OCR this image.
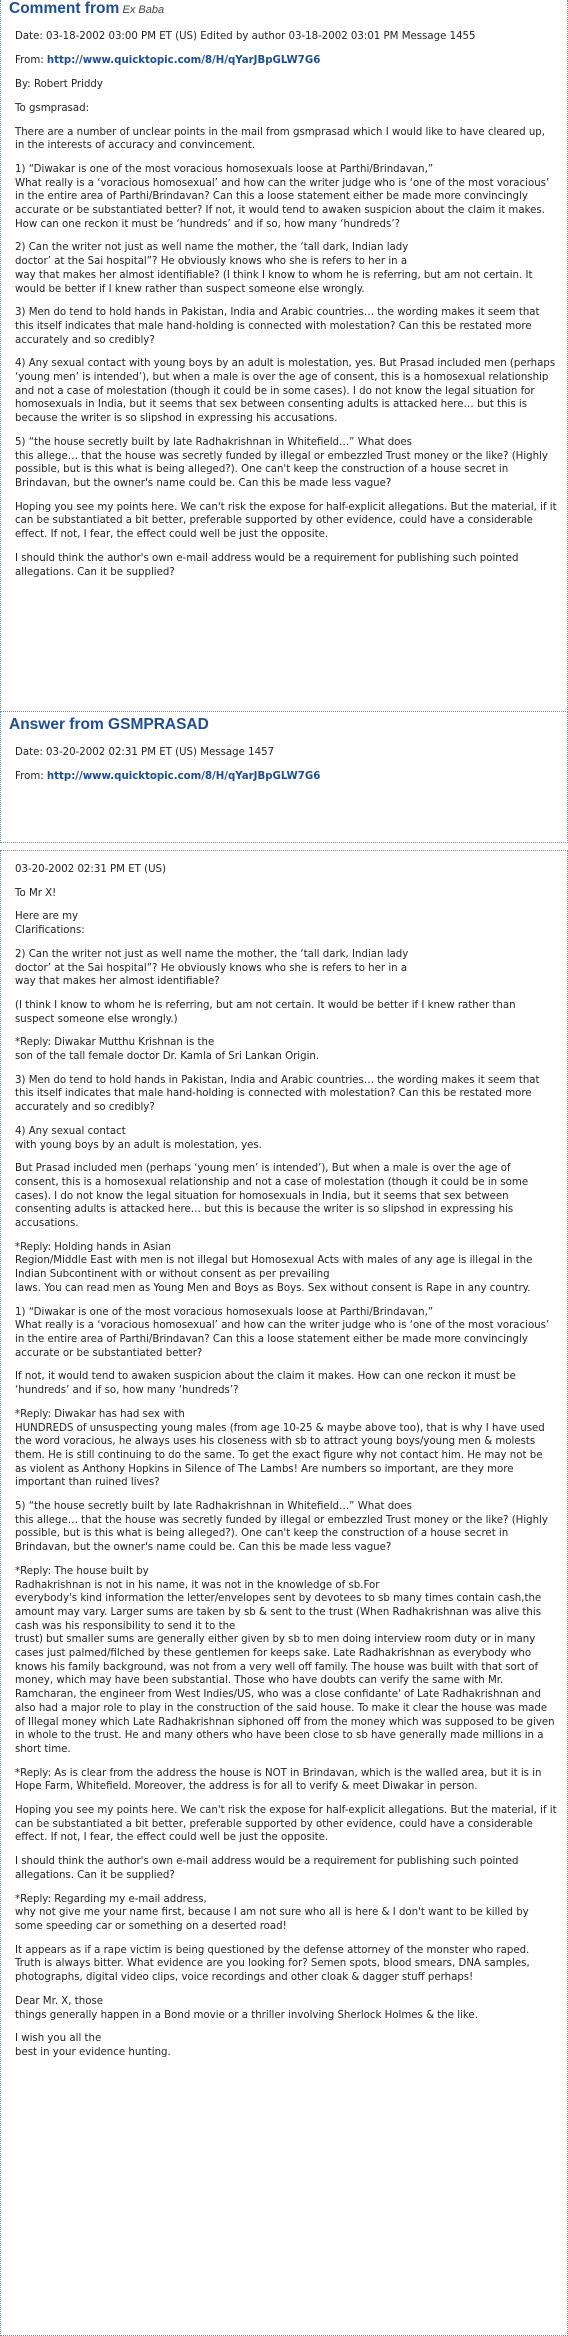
Comment from Ex Baba
Date: 03-18-2002 03:00 PM ET (US) Edited by author 03-18-2002 03:01 PM Message 1455
From: http://www.quicktopic.com/8/H/qYarJBpGLW7G6

By: Robert Priddy

To gsmprasad:

There are a number of unclear points in the mail from gsmprasad which I would like to have cleared up, in the interests of accuracy and convincement.

1) “Diwakar is one of the most voracious homosexuals loose at Parthi/Brindavan,”
What really is a ‘voracious homosexual’ and how can the writer judge who is ‘one of the most voracious’ in the entire area of Parthi/Brindavan? Can this a loose statement either be made more convincingly accurate or be substantiated better? If not, it would tend to awaken suspicion about the claim it makes. How can one reckon it must be ‘hundreds’ and if so, how many ‘hundreds’?

2) Can the writer not just as well name the mother, the ‘tall dark, Indian lady
doctor’ at the Sai hospital”? He obviously knows who she is refers to her in a
way that makes her almost identifiable? (I think I know to whom he is referring, but am not certain. It would be better if I knew rather than suspect someone else wrongly.

3) Men do tend to hold hands in Pakistan, India and Arabic countries… the wording makes it seem that this itself indicates that male hand-holding is connected with molestation? Can this be restated more accurately and so credibly?

4) Any sexual contact with young boys by an adult is molestation, yes. But Prasad included men (perhaps ‘young men’ is intended’), but when a male is over the age of consent, this is a homosexual relationship and not a case of molestation (though it could be in some cases). I do not know the legal situation for homosexuals in India, but it seems that sex between consenting adults is attacked here… but this is because the writer is so slipshod in expressing his accusations.

5) “the house secretly built by late Radhakrishnan in Whitefield…” What does
this allege… that the house was secretly funded by illegal or embezzled Trust money or the like? (Highly possible, but is this what is being alleged?). One can't keep the construction of a house secret in Brindavan, but the owner's name could be. Can this be made less vague?

Hoping you see my points here. We can't risk the expose for half-explicit allegations. But the material, if it can be substantiated a bit better, preferable supported by other evidence, could have a considerable effect. If not, I fear, the effect could well be just the opposite.

I should think the author's own e-mail address would be a requirement for publishing such pointed allegations. Can it be supplied?

Answer from GSMPRASAD
Date: 03-20-2002 02:31 PM ET (US) Message 1457
From: http://www.quicktopic.com/8/H/qYarJBpGLW7G6

03-20-2002 02:31 PM ET (US)

To Mr X!

Here are my
Clarifications:

2) Can the writer not just as well name the mother, the ‘tall dark, Indian lady
doctor’ at the Sai hospital”? He obviously knows who she is refers to her in a
way that makes her almost identifiable?

(I think I know to whom he is referring, but am not certain. It would be better if I knew rather than suspect someone else wrongly.)

*Reply: Diwakar Mutthu Krishnan is the
son of the tall female doctor Dr. Kamla of Sri Lankan Origin.

3) Men do tend to hold hands in Pakistan, India and Arabic countries… the wording makes it seem that this itself indicates that male hand-holding is connected with molestation? Can this be restated more accurately and so credibly?

4) Any sexual contact
with young boys by an adult is molestation, yes.

But Prasad included men (perhaps ‘young men’ is intended’), But when a male is over the age of consent, this is a homosexual relationship and not a case of molestation (though it could be in some cases). I do not know the legal situation for homosexuals in India, but it seems that sex between consenting adults is attacked here… but this is because the writer is so slipshod in expressing his accusations.

*Reply: Holding hands in Asian
Region/Middle East with men is not illegal but Homosexual Acts with males of any age is illegal in the Indian Subcontinent with or without consent as per prevailing
laws. You can read men as Young Men and Boys as Boys. Sex without consent is Rape in any country.

1) “Diwakar is one of the most voracious homosexuals loose at Parthi/Brindavan,”
What really is a ‘voracious homosexual’ and how can the writer judge who is ‘one of the most voracious’ in the entire area of Parthi/Brindavan? Can this a loose statement either be made more convincingly accurate or be substantiated better?

If not, it would tend to awaken suspicion about the claim it makes. How can one reckon it must be ‘hundreds’ and if so, how many ‘hundreds’?

*Reply: Diwakar has had sex with
HUNDREDS of unsuspecting young males (from age 10-25 & maybe above too), that is why I have used the word voracious, he always uses his closeness with sb to attract young boys/young men & molests them. He is still continuing to do the same. To get the exact figure why not contact him. He may not be as violent as Anthony Hopkins in Silence of The Lambs! Are numbers so important, are they more important than ruined lives?

5) “the house secretly built by late Radhakrishnan in Whitefield…” What does
this allege… that the house was secretly funded by illegal or embezzled Trust money or the like? (Highly possible, but is this what is being alleged?). One can't keep the construction of a house secret in Brindavan, but the owner's name could be. Can this be made less vague?

*Reply: The house built by
Radhakrishnan is not in his name, it was not in the knowledge of sb.For
everybody's kind information the letter/envelopes sent by devotees to sb many times contain cash,the amount may vary. Larger sums are taken by sb & sent to the trust (When Radhakrishnan was alive this cash was his responsibility to send it to the
trust) but smaller sums are generally either given by sb to men doing interview room duty or in many cases just palmed/filched by these gentlemen for keeps sake. Late Radhakrishnan as everybody who knows his family background, was not from a very well off family. The house was built with that sort of money, which may have been substantial. Those who have doubts can verify the same with Mr. Ramcharan, the engineer from West Indies/US, who was a close confidante' of Late Radhakrishnan and also had a major role to play in the construction of the said house. To make it clear the house was made of Illegal money which Late Radhakrishnan siphoned off from the money which was supposed to be given in whole to the trust. He and many others who have been close to sb have generally made millions in a short time.

*Reply: As is clear from the address the house is NOT in Brindavan, which is the walled area, but it is in Hope Farm, Whitefield. Moreover, the address is for all to verify & meet Diwakar in person.

Hoping you see my points here. We can't risk the expose for half-explicit allegations. But the material, if it can be substantiated a bit better, preferable supported by other evidence, could have a considerable effect. If not, I fear, the effect could well be just the opposite.

I should think the author's own e-mail address would be a requirement for publishing such pointed allegations. Can it be supplied?

*Reply: Regarding my e-mail address,
why not give me your name first, because I am not sure who all is here & I don't want to be killed by some speeding car or something on a deserted road!

It appears as if a rape victim is being questioned by the defense attorney of the monster who raped. Truth is always bitter. What evidence are you looking for? Semen spots, blood smears, DNA samples, photographs, digital video clips, voice recordings and other cloak & dagger stuff perhaps!

Dear Mr. X, those
things generally happen in a Bond movie or a thriller involving Sherlock Holmes & the like.

I wish you all the
best in your evidence hunting.
